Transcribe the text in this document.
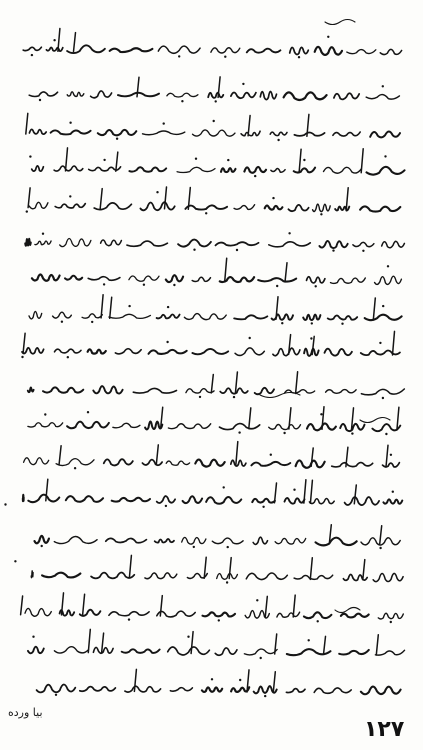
بیا ورده
١٢٧
